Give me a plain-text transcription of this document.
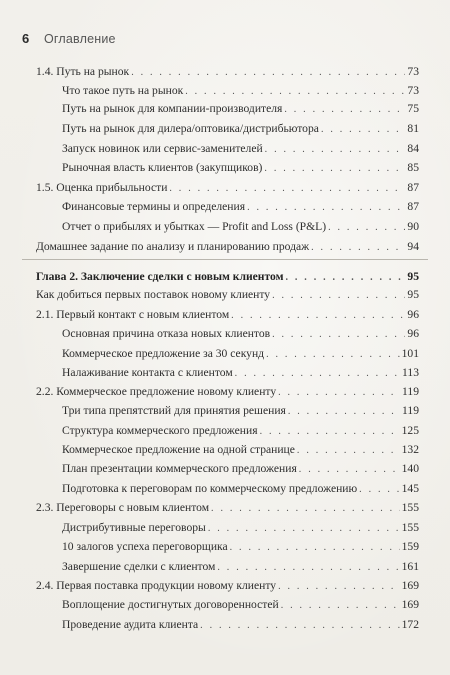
6	Оглавление
1.4. Путь на рынок . . .	73
Что такое путь на рынок . . .	73
Путь на рынок для компании-производителя . . .	75
Путь на рынок для дилера/оптовика/дистрибьютора . . .	81
Запуск новинок или сервис-заменителей . . .	84
Рыночная власть клиентов (закупщиков) . . .	85
1.5. Оценка прибыльности . . .	87
Финансовые термины и определения . . .	87
Отчет о прибылях и убытках — Profit and Loss (P&L) . . .	90
Домашнее задание по анализу и планированию продаж . . .	94
Глава 2. Заключение сделки с новым клиентом . . .	95
Как добиться первых поставок новому клиенту . . .	95
2.1. Первый контакт с новым клиентом . . .	96
Основная причина отказа новых клиентов . . .	96
Коммерческое предложение за 30 секунд . . .	101
Налаживание контакта с клиентом . . .	113
2.2. Коммерческое предложение новому клиенту . . .	119
Три типа препятствий для принятия решения . . .	119
Структура коммерческого предложения . . .	125
Коммерческое предложение на одной странице . . .	132
План презентации коммерческого предложения . . .	140
Подготовка к переговорам по коммерческому предложению . . .	145
2.3. Переговоры с новым клиентом . . .	155
Дистрибутивные переговоры . . .	155
10 залогов успеха переговорщика . . .	159
Завершение сделки с клиентом . . .	161
2.4. Первая поставка продукции новому клиенту . . .	169
Воплощение достигнутых договоренностей . . .	169
Проведение аудита клиента . . .	172
